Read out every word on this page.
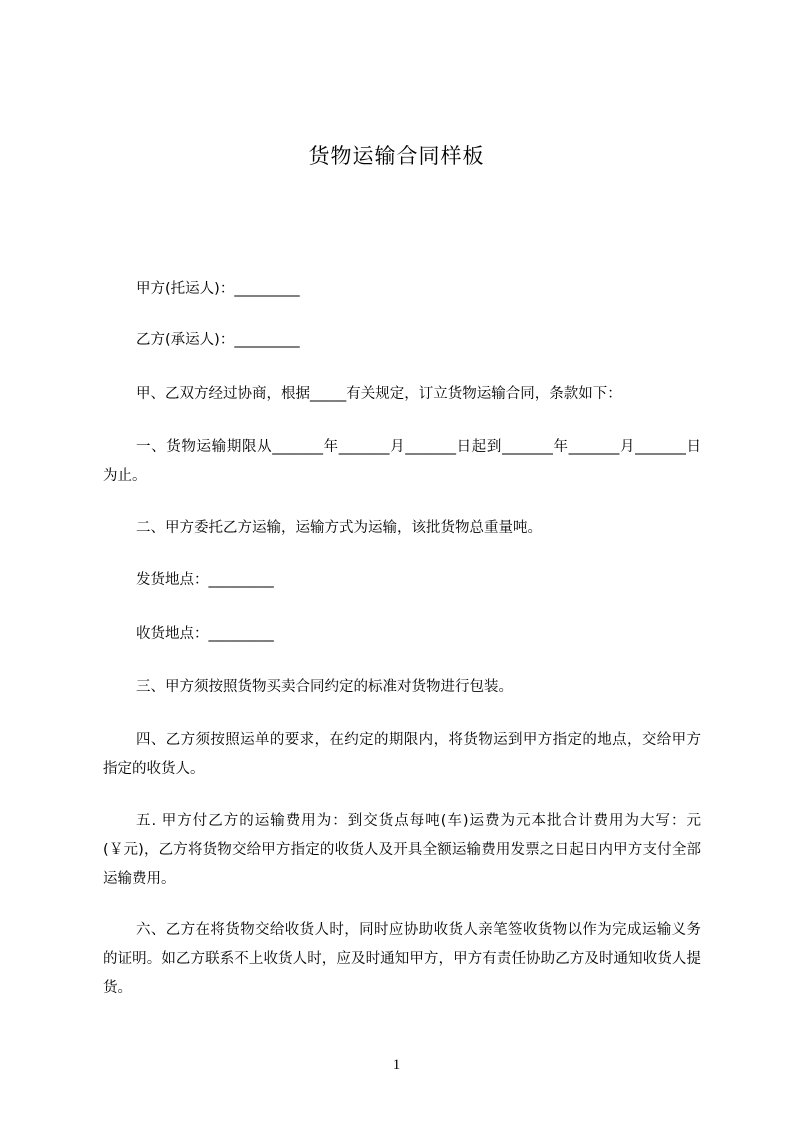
货物运输合同样板

甲方(托运人)：_________

乙方(承运人)：_________

甲、乙双方经过协商，根据_____有关规定，订立货物运输合同，条款如下：

一、货物运输期限从_______年_______月_______日起到_______年_______月_______日为止。

二、甲方委托乙方运输，运输方式为运输，该批货物总重量吨。

发货地点：_________

收货地点：_________

三、甲方须按照货物买卖合同约定的标准对货物进行包装。

四、乙方须按照运单的要求，在约定的期限内，将货物运到甲方指定的地点，交给甲方指定的收货人。

五. 甲方付乙方的运输费用为：到交货点每吨(车)运费为元本批合计费用为大写：元(￥元)，乙方将货物交给甲方指定的收货人及开具全额运输费用发票之日起日内甲方支付全部运输费用。

六、乙方在将货物交给收货人时，同时应协助收货人亲笔签收货物以作为完成运输义务的证明。如乙方联系不上收货人时，应及时通知甲方，甲方有责任协助乙方及时通知收货人提货。

1
